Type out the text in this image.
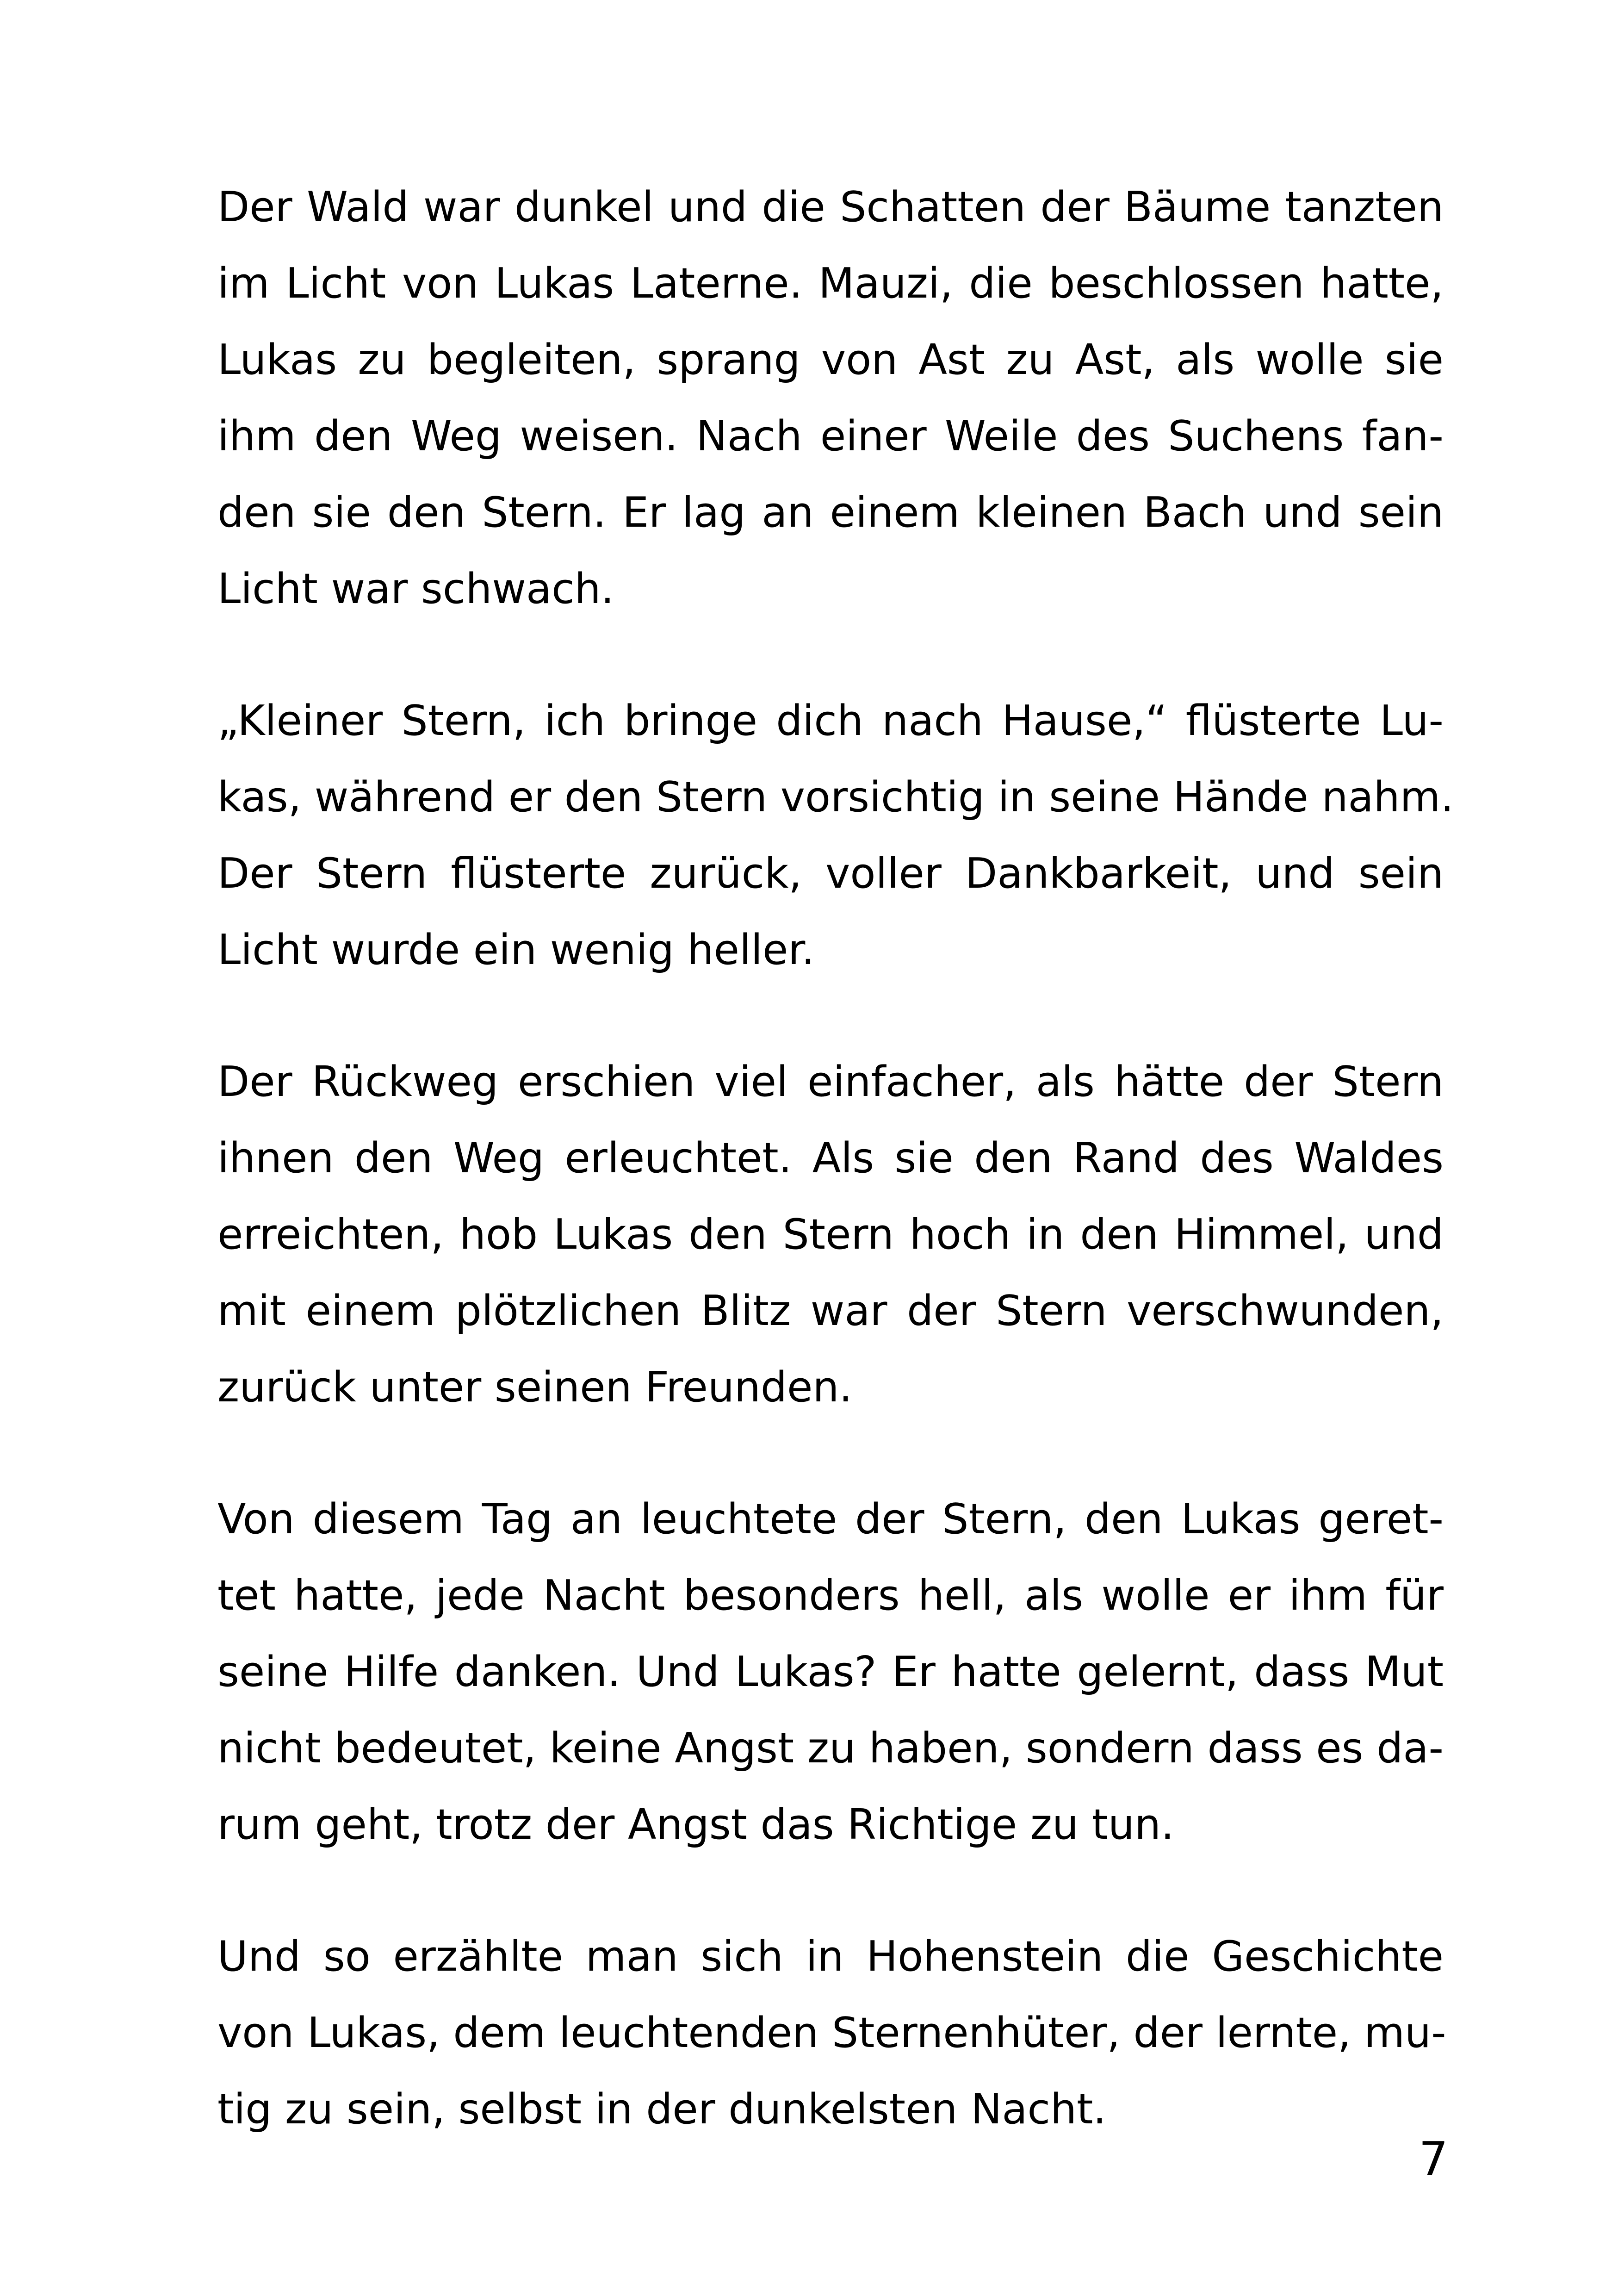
Der Wald war dunkel und die Schatten der Bäume tanzten
im Licht von Lukas Laterne. Mauzi, die beschlossen hatte,
Lukas zu begleiten, sprang von Ast zu Ast, als wolle sie
ihm den Weg weisen. Nach einer Weile des Suchens fan-
den sie den Stern. Er lag an einem kleinen Bach und sein
Licht war schwach.

„Kleiner Stern, ich bringe dich nach Hause,“ flüsterte Lu-
kas, während er den Stern vorsichtig in seine Hände nahm.
Der Stern flüsterte zurück, voller Dankbarkeit, und sein
Licht wurde ein wenig heller.

Der Rückweg erschien viel einfacher, als hätte der Stern
ihnen den Weg erleuchtet. Als sie den Rand des Waldes
erreichten, hob Lukas den Stern hoch in den Himmel, und
mit einem plötzlichen Blitz war der Stern verschwunden,
zurück unter seinen Freunden.

Von diesem Tag an leuchtete der Stern, den Lukas geret-
tet hatte, jede Nacht besonders hell, als wolle er ihm für
seine Hilfe danken. Und Lukas? Er hatte gelernt, dass Mut
nicht bedeutet, keine Angst zu haben, sondern dass es da-
rum geht, trotz der Angst das Richtige zu tun.

Und so erzählte man sich in Hohenstein die Geschichte
von Lukas, dem leuchtenden Sternenhüter, der lernte, mu-
tig zu sein, selbst in der dunkelsten Nacht.

7
